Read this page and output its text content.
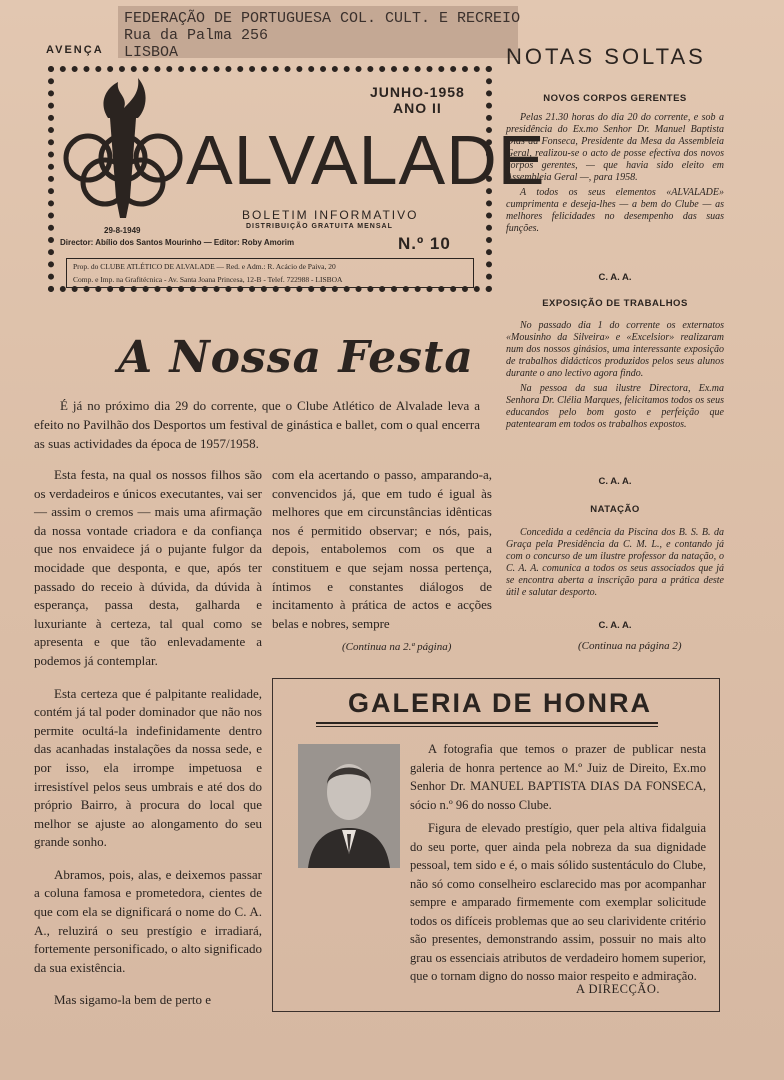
FEDERAÇÃO DE PORTUGUESA COL. CULT. E RECREIO
Rua da Palma 256
LISBOA
AVENÇA
29-8-1949
JUNHO-1958
ANO II
ALVALADE
BOLETIM INFORMATIVO
DISTRIBUIÇÃO GRATUITA MENSAL
Director: Abílio dos Santos Mourinho — Editor: Roby Amorim	N.º 10
Prop. do CLUBE ATLÉTICO DE ALVALADE — Red. e Adm.: R. Acácio de Paiva, 20
Comp. e Imp. na Grafitécnica - Av. Santa Joana Princesa, 12-B - Telef. 722988 - LISBOA
NOTAS SOLTAS
NOVOS CORPOS GERENTES

Pelas 21.30 horas do dia 20 do corrente, e sob a presidência do Ex.mo Senhor Dr. Manuel Baptista Dias da Fonseca, Presidente da Mesa da Assembleia Geral, realizou-se o acto de posse efectiva dos novos corpos gerentes, — que havia sido eleito em Assembleia Geral —, para 1958.

A todos os seus elementos «ALVALADE» cumprimenta e deseja-lhes — a bem do Clube — as melhores felicidades no desempenho das suas funções.

C. A. A.
EXPOSIÇÃO DE TRABALHOS

No passado dia 1 do corrente os externatos «Mousinho da Silveira» e «Excelsior» realizaram num dos nossos ginásios, uma interessante exposição de trabalhos didácticos produzidos pelos seus alunos durante o ano lectivo agora findo.

Na pessoa da sua ilustre Directora, Ex.ma Senhora Dr. Clélia Marques, felicitamos todos os seus educandos pelo bom gosto e perfeição que patentearam em todos os trabalhos expostos.

C. A. A.
NATAÇÃO

Concedida a cedência da Piscina dos B. S. B. da Graça pela Presidência da C. M. L., e contando já com o concurso de um ilustre professor da natação, o C. A. A. comunica a todos os seus associados que já se encontra aberta a inscrição para a prática deste útil e salutar desporto.

C. A. A.
(Continua na página 2)
A Nossa Festa

É já no próximo dia 29 do corrente, que o Clube Atlético de Alvalade leva a efeito no Pavilhão dos Desportos um festival de ginástica e ballet, com o qual encerra as suas actividades da época de 1957/1958.

Esta festa, na qual os nossos filhos são os verdadeiros e únicos executantes, vai ser — assim o cremos — mais uma afirmação da nossa vontade criadora e da confiança que nos envaidece já o pujante fulgor da mocidade que desponta, e que, após ter passado do receio à dúvida, da dúvida à esperança, passa desta, galharda e luxuriante à certeza, tal qual como se apresenta e que tão enlevadamente a podemos já contemplar.

Esta certeza que é palpitante realidade, contém já tal poder dominador que não nos permite ocultá-la indefinidamente dentro das acanhadas instalações da nossa sede, e por isso, ela irrompe impetuosa e irresistível pelos seus umbrais e até dos do próprio Bairro, à procura do local que melhor se ajuste ao alongamento do seu grande sonho.

Abramos, pois, alas, e deixemos passar a coluna famosa e prometedora, cientes de que com ela se dignificará o nome do C. A. A., reluzirá o seu prestígio e irradiará, fortemente personificado, o alto significado da sua existência.

Mas sigamo-la bem de perto e

com ela acertando o passo, amparando-a, convencidos já, que em tudo é igual às melhores que em circunstâncias idênticas nos é permitido observar; e nós, pais, depois, entabolemos com os que a constituem e que sejam nossa pertença, íntimos e constantes diálogos de incitamento à prática de actos e acções belas e nobres, sempre

(Continua na 2.ª página)
GALERIA DE HONRA
A fotografia que temos o prazer de publicar nesta galeria de honra pertence ao M.º Juiz de Direito, Ex.mo Senhor Dr. MANUEL BAPTISTA DIAS DA FONSECA, sócio n.º 96 do nosso Clube.
Figura de elevado prestígio, quer pela altiva fidalguia do seu porte, quer ainda pela nobreza da sua dignidade pessoal, tem sido e é, o mais sólido sustentáculo do Clube, não só como conselheiro esclarecido mas por acompanhar sempre e amparado firmemente com exemplar solicitude todos os difíceis problemas que ao seu clarividente critério são presentes, demonstrando assim, possuir no mais alto grau os essenciais atributos de verdadeiro homem superior, que o tornam digno do nosso maior respeito e admiração.
A DIRECÇÃO.
